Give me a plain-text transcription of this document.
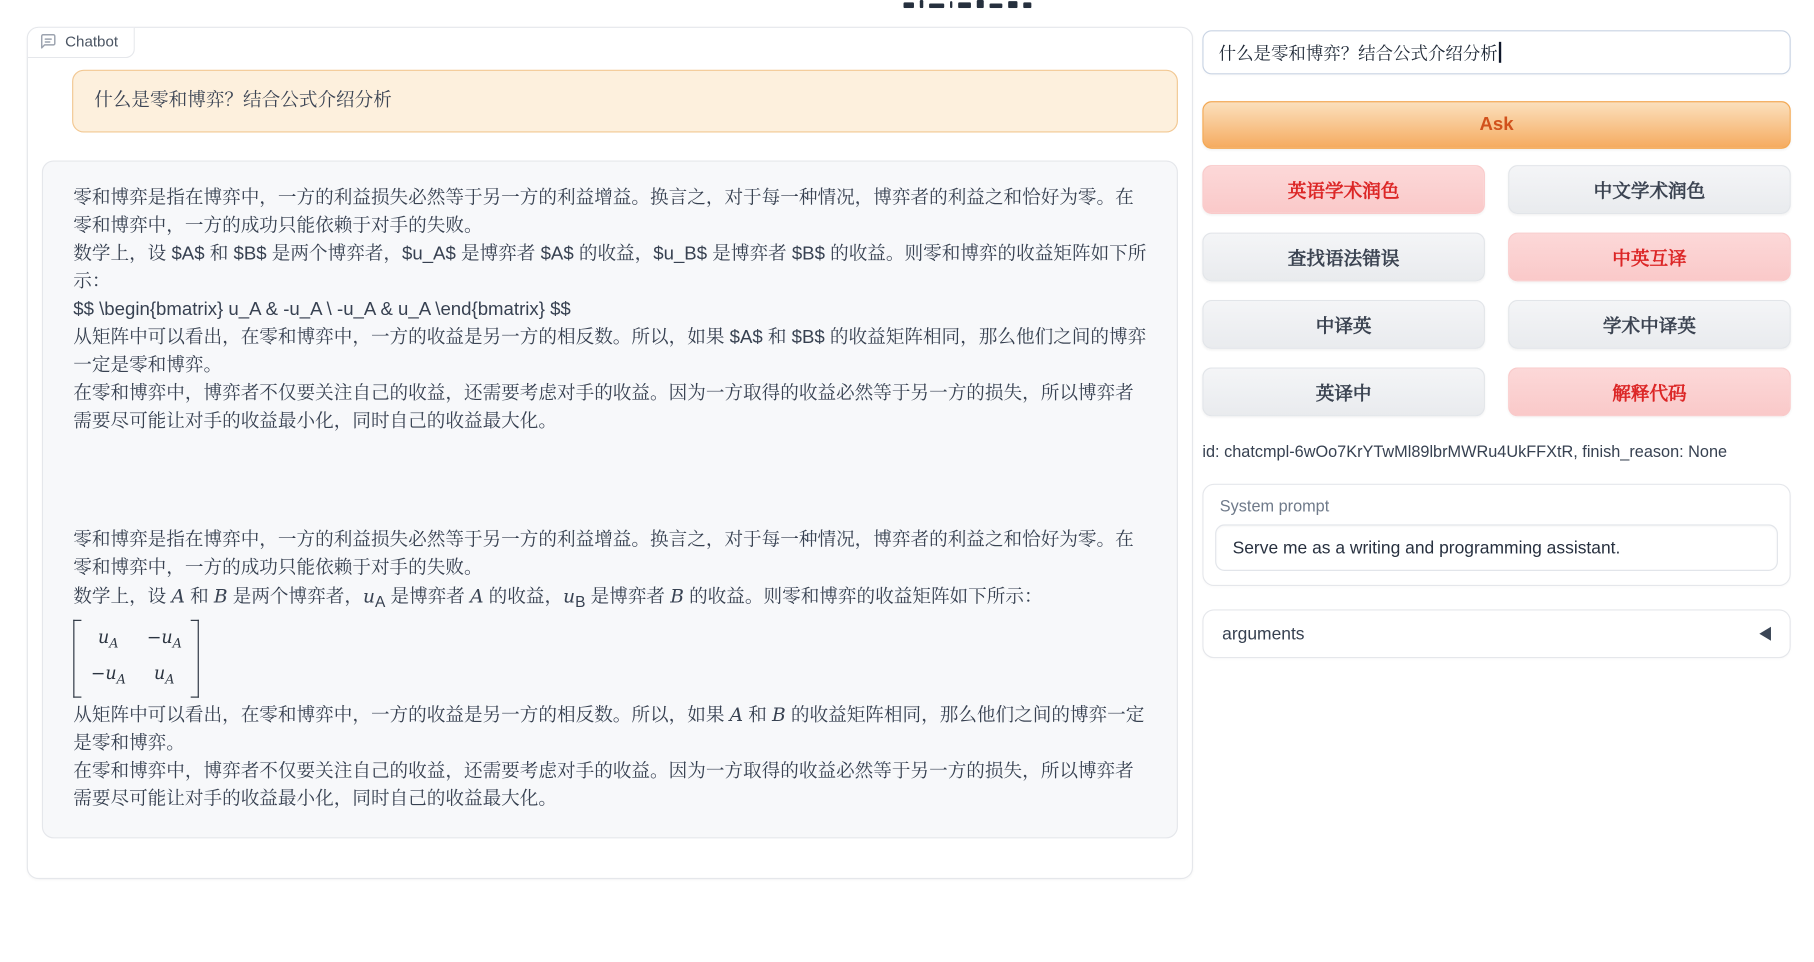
Chatbot
什么是零和博弈？结合公式介绍分析
零和博弈是指在博弈中，一方的利益损失必然等于另一方的利益增益。换言之，对于每一种情况，博弈者的利益之和恰好为零。在零和博弈中，一方的成功只能依赖于对手的失败。
数学上，设 $A$ 和 $B$ 是两个博弈者，$u_A$ 是博弈者 $A$ 的收益，$u_B$ 是博弈者 $B$ 的收益。则零和博弈的收益矩阵如下所示：
$$ \begin{bmatrix} u_A & -u_A \ -u_A & u_A \end{bmatrix} $$
从矩阵中可以看出，在零和博弈中，一方的收益是另一方的相反数。所以，如果 $A$ 和 $B$ 的收益矩阵相同，那么他们之间的博弈一定是零和博弈。
在零和博弈中，博弈者不仅要关注自己的收益，还需要考虑对手的收益。因为一方取得的收益必然等于另一方的损失，所以博弈者需要尽可能让对手的收益最小化，同时自己的收益最大化。
零和博弈是指在博弈中，一方的利益损失必然等于另一方的利益增益。换言之，对于每一种情况，博弈者的利益之和恰好为零。在零和博弈中，一方的成功只能依赖于对手的失败。
数学上，设 A 和 B 是两个博弈者，$u_A$ 是博弈者 A 的收益，$u_B$ 是博弈者 B 的收益。则零和博弈的收益矩阵如下所示：
$u_A$	$-u_A$
$-u_A$	$u_A$
从矩阵中可以看出，在零和博弈中，一方的收益是另一方的相反数。所以，如果 A 和 B 的收益矩阵相同，那么他们之间的博弈一定是零和博弈。
在零和博弈中，博弈者不仅要关注自己的收益，还需要考虑对手的收益。因为一方取得的收益必然等于另一方的损失，所以博弈者需要尽可能让对手的收益最小化，同时自己的收益最大化。
什么是零和博弈？结合公式介绍分析
Ask
英语学术润色	中文学术润色
查找语法错误	中英互译
中译英	学术中译英
英译中	解释代码
id: chatcmpl-6wOo7KrYTwMl89lbrMWRu4UkFFXtR, finish_reason: None
System prompt
Serve me as a writing and programming assistant.
arguments
